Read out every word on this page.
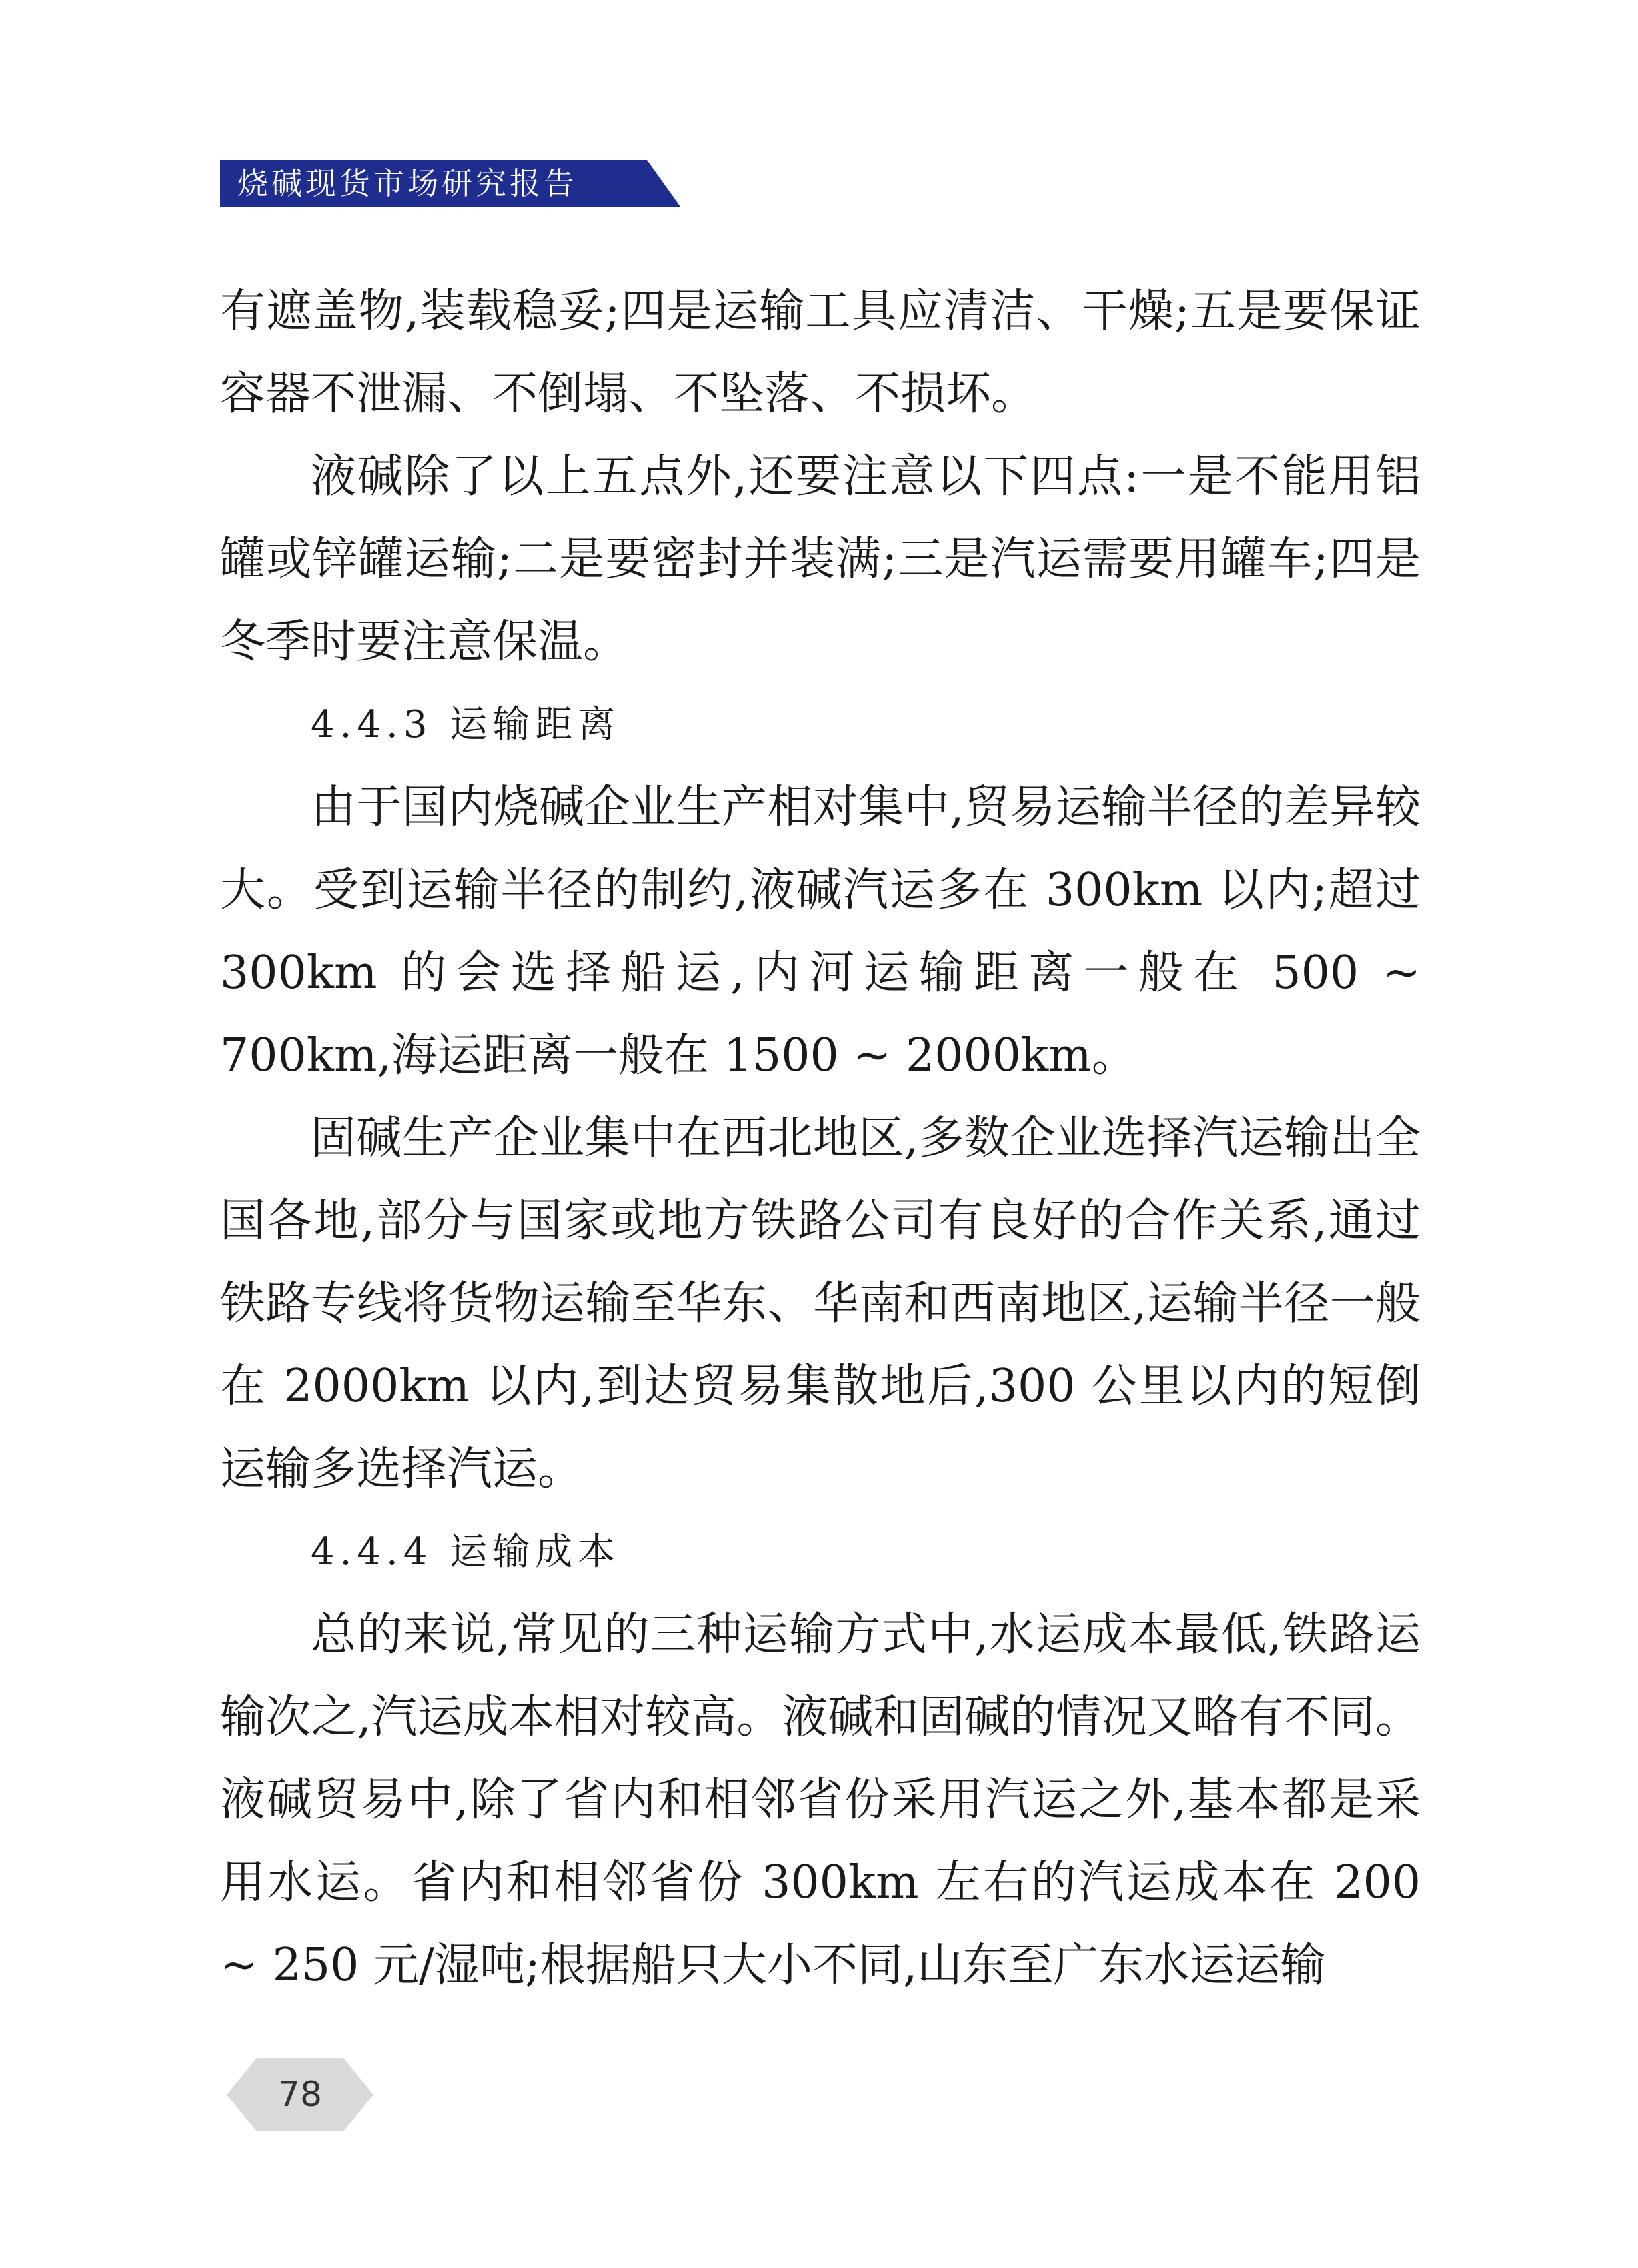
烧碱现货市场研究报告

有遮盖物,装载稳妥;四是运输工具应清洁、干燥;五是要保证容器不泄漏、不倒塌、不坠落、不损坏。

液碱除了以上五点外,还要注意以下四点:一是不能用铝罐或锌罐运输;二是要密封并装满;三是汽运需要用罐车;四是冬季时要注意保温。

4.4.3 运输距离

由于国内烧碱企业生产相对集中,贸易运输半径的差异较大。受到运输半径的制约,液碱汽运多在 300km 以内;超过 300km 的会选择船运,内河运输距离一般在 500 ~ 700km,海运距离一般在 1500 ~ 2000km。

固碱生产企业集中在西北地区,多数企业选择汽运输出全国各地,部分与国家或地方铁路公司有良好的合作关系,通过铁路专线将货物运输至华东、华南和西南地区,运输半径一般在 2000km 以内,到达贸易集散地后,300 公里以内的短倒运输多选择汽运。

4.4.4 运输成本

总的来说,常见的三种运输方式中,水运成本最低,铁路运输次之,汽运成本相对较高。液碱和固碱的情况又略有不同。液碱贸易中,除了省内和相邻省份采用汽运之外,基本都是采用水运。省内和相邻省份 300km 左右的汽运成本在 200 ~ 250 元/湿吨;根据船只大小不同,山东至广东水运运输

78
